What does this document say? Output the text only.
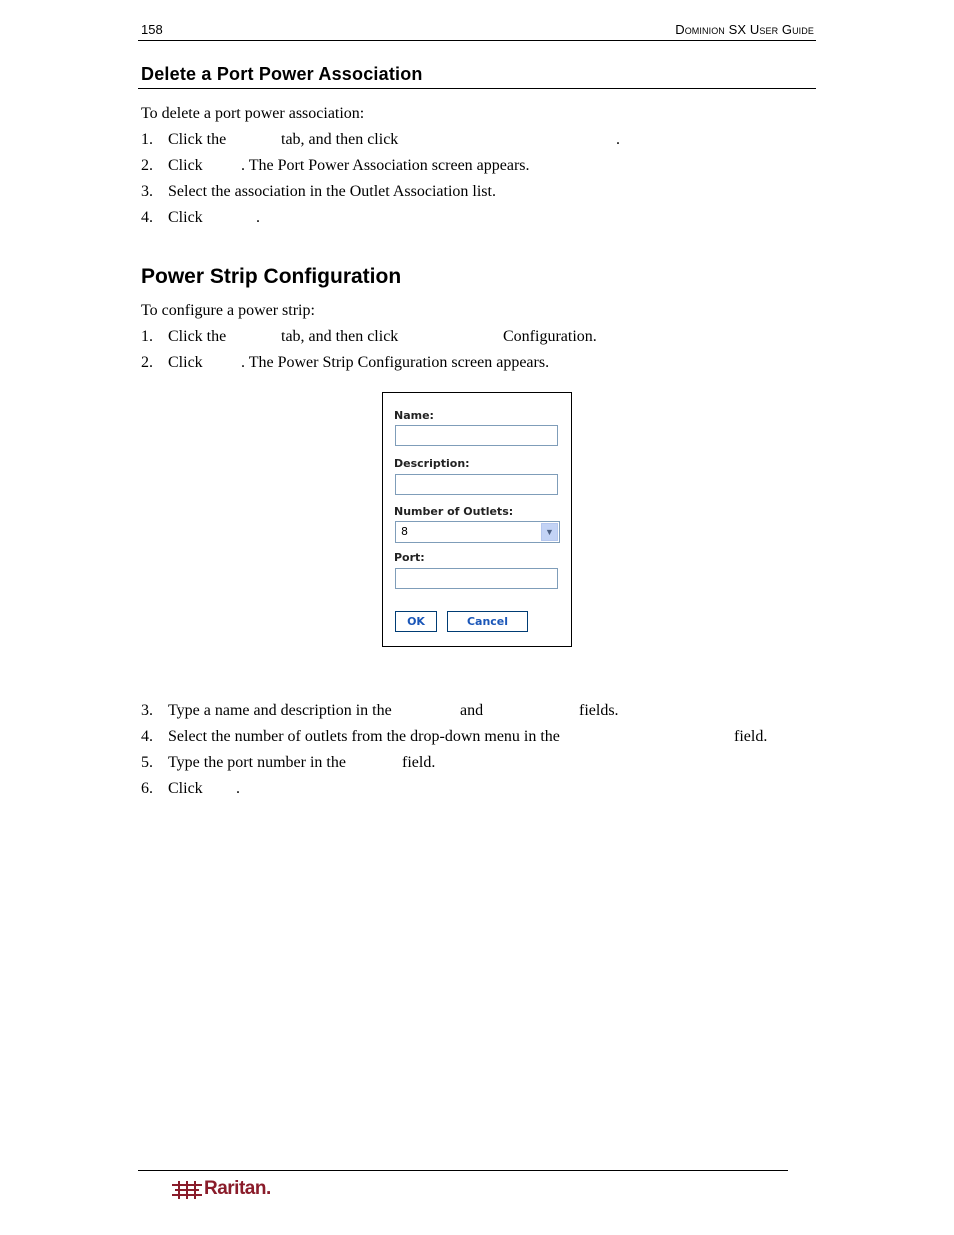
158	Dominion SX User Guide
Delete a Port Power Association
To delete a port power association:
1. Click the	tab, and then click	.
2. Click . The Port Power Association screen appears.
3. Select the association in the Outlet Association list.
4. Click	.
Power Strip Configuration
To configure a power strip:
1. Click the	tab, and then click	Configuration.
2. Click . The Power Strip Configuration screen appears.
Name:
Description:
Number of Outlets:
8	▼
Port:
OK	Cancel
3. Type a name and description in the	and	fields.
4. Select the number of outlets from the drop-down menu in the	field.
5. Type the port number in the	field.
6. Click .
Raritan.
